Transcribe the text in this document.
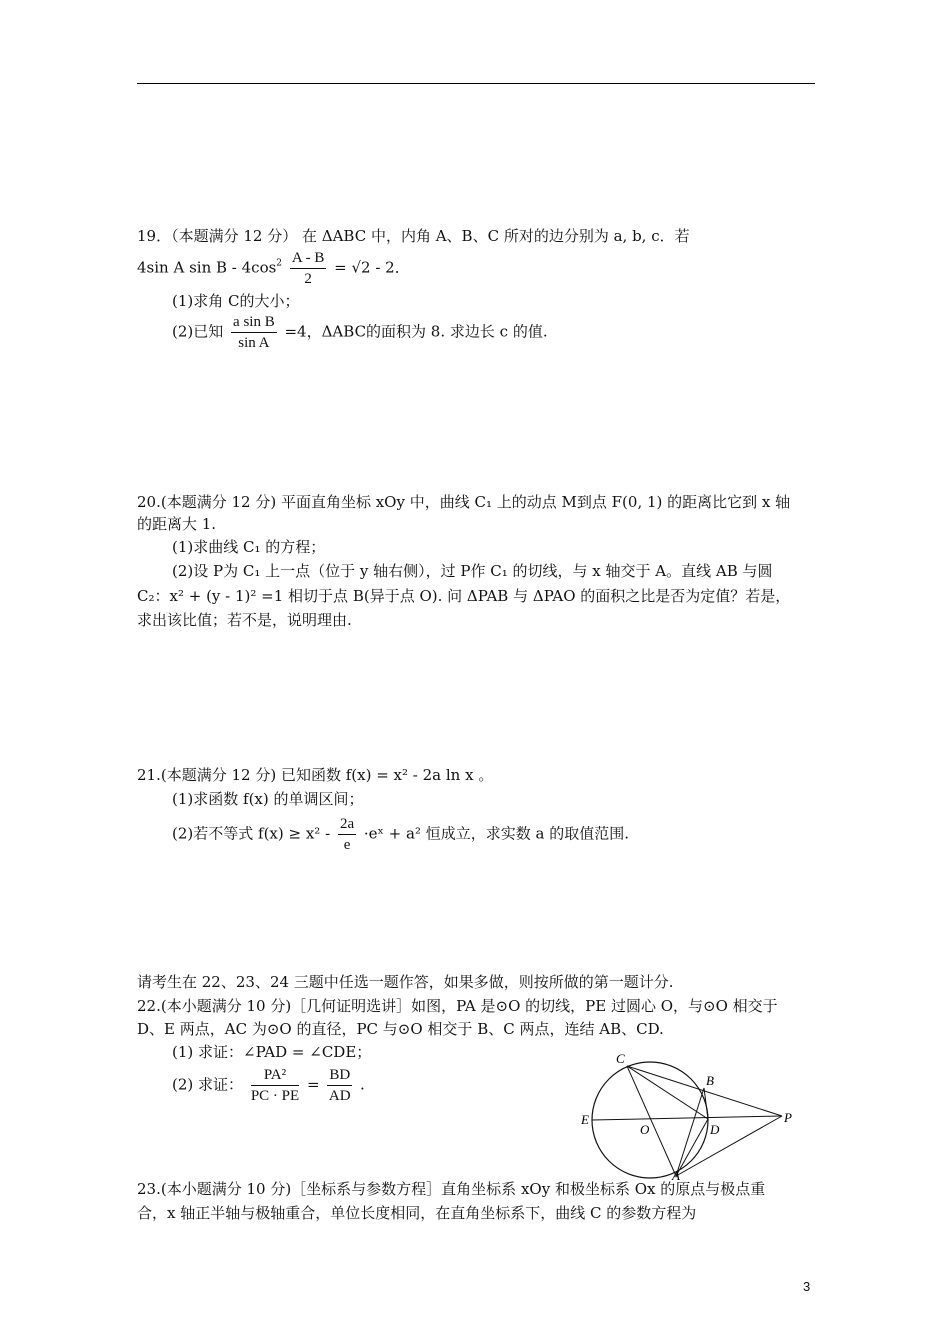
19．（本题满分 12 分） 在 ΔABC 中，内角 A、B、C 所对的边分别为 a, b, c．若
4sin A $\sin B - 4\cos^2 \frac{A - B}{2} = √2 - 2$．
(1)求角 C的大小；
(2)已知 $\frac{\text{a sin B}}{\text{sin A}} =4$，ΔABC的面积为 8. 求边长 c 的值.
20.(本题满分 12 分) 平面直角坐标 xOy 中，曲线 C₁ 上的动点 M到点 F(0, 1) 的距离比它到 x 轴
的距离大 1.
(1)求曲线 C₁ 的方程；
(2)设 P为 C₁ 上一点（位于 y 轴右侧），过 P作 C₁ 的切线，与 x 轴交于 A。直线 AB 与圆
C₂：x² + (y - 1)² =1 相切于点 B(异于点 O). 问 ΔPAB 与 ΔPAO 的面积之比是否为定值？若是，
求出该比值；若不是，说明理由.
21.(本题满分 12 分) 已知函数 f(x) = x² - 2a ln x 。
(1)求函数 f(x) 的单调区间；
(2)若不等式 $f(x) \ge x^2 - \frac{2a}{e}$ ·eˣ + a² 恒成立，求实数 a 的取值范围.
请考生在 22、23、24 三题中任选一题作答，如果多做，则按所做的第一题计分.
22.(本小题满分 10 分)［几何证明选讲］如图，PA 是⊙O 的切线，PE 过圆心 O，与⊙O 相交于
D、E 两点，AC 为⊙O 的直径，PC 与⊙O 相交于 B、C 两点，连结 AB、CD.
(1) 求证：∠PAD = ∠CDE；
(2) 求证： $\frac{\text{PA²}}{PC \cdot PE} = \frac{BD}{AD}$ .
C
B
E
O	D
P
A
23.(本小题满分 10 分)［坐标系与参数方程］直角坐标系 xOy 和极坐标系 Ox 的原点与极点重
合，x 轴正半轴与极轴重合，单位长度相同，在直角坐标系下，曲线 C 的参数方程为
3
